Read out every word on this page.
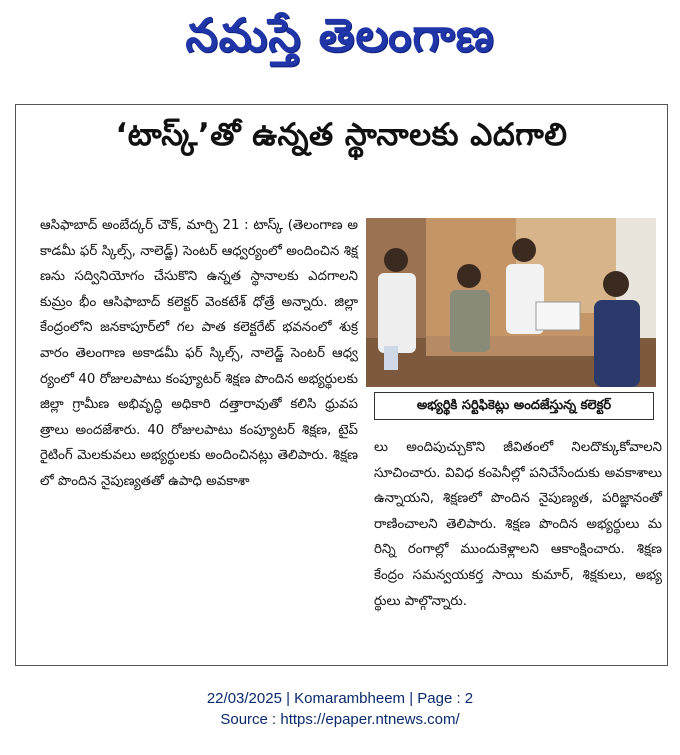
నమస్తే తెలంగాణ
‘టాస్క్’తో ఉన్నత స్థానాలకు ఎదగాలి

ఆసిఫాబాద్ అంబేద్కర్ చౌక్, మార్చి 21 : టాస్క్ (తెలంగాణ అకాడమీ ఫర్ స్కిల్స్, నాలెడ్జ్) సెంటర్ ఆధ్వర్యంలో అందించిన శిక్షణను సద్వినియోగం చేసుకొని ఉన్నత స్థానాలకు ఎదగాలని కుమ్రం భీం ఆసిఫాబాద్ కలెక్టర్ వెంకటేశ్ ధోత్రే అన్నారు. జిల్లా కేంద్రంలోని జనకాపూర్‌లో గల పాత కలెక్టరేట్ భవనంలో శుక్రవారం తెలంగాణ అకాడమీ ఫర్ స్కిల్స్, నాలెడ్జ్ సెంటర్ ఆధ్వర్యంలో 40 రోజులపాటు కంప్యూటర్ శిక్షణ పొందిన అభ్యర్థులకు జిల్లా గ్రామీణ అభివృద్ధి అధికారి దత్తారావుతో కలిసి ధ్రువపత్రాలు అందజేశారు. 40 రోజులపాటు కంప్యూటర్ శిక్షణ, టైప్ రైటింగ్ మెలకువలు అభ్యర్థులకు అందించినట్లు తెలిపారు. శిక్షణలో పొందిన నైపుణ్యతతో ఉపాధి అవకాశా

అభ్యర్థికి సర్టిఫికెట్లు అందజేస్తున్న కలెక్టర్

లు అందిపుచ్చుకొని జీవితంలో నిలదొక్కుకోవాలని సూచించారు. వివిధ కంపెనీల్లో పనిచేసేందుకు అవకాశాలు ఉన్నాయని, శిక్షణలో పొందిన నైపుణ్యత, పరిజ్ఞానంతో రాణించాలని తెలిపారు. శిక్షణ పొందిన అభ్యర్థులు మరిన్ని రంగాల్లో ముందుకెళ్లాలని ఆకాంక్షించారు. శిక్షణ కేంద్రం సమన్వయకర్త సాయి కుమార్, శిక్షకులు, అభ్యర్థులు పాల్గొన్నారు.

22/03/2025 | Komarambheem | Page : 2
Source : https://epaper.ntnews.com/
